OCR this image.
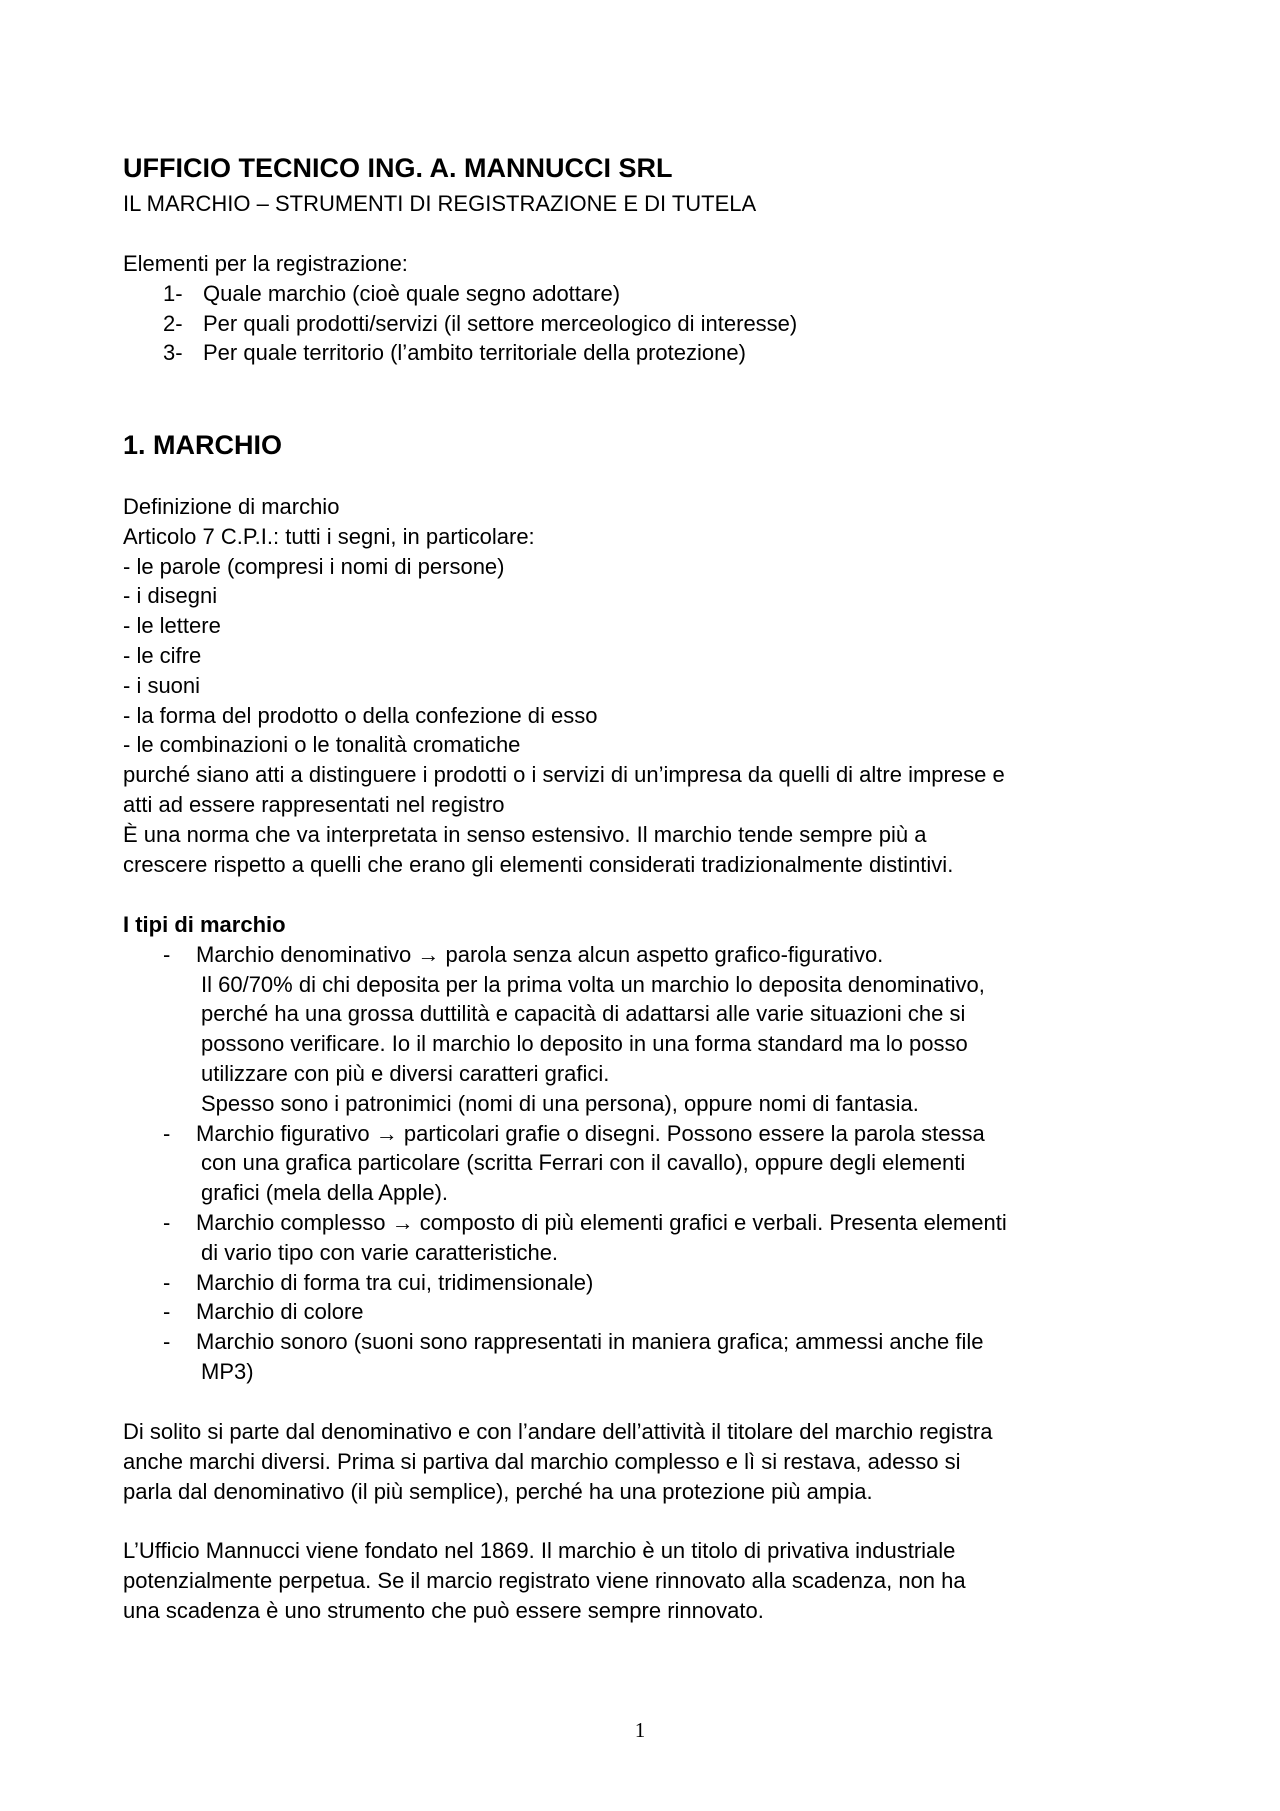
UFFICIO TECNICO ING. A. MANNUCCI SRL
IL MARCHIO – STRUMENTI DI REGISTRAZIONE E DI TUTELA
Elementi per la registrazione:
1- Quale marchio (cioè quale segno adottare)
2- Per quali prodotti/servizi (il settore merceologico di interesse)
3- Per quale territorio (l’ambito territoriale della protezione)
1. MARCHIO
Definizione di marchio
Articolo 7 C.P.I.: tutti i segni, in particolare:
- le parole (compresi i nomi di persone)
- i disegni
- le lettere
- le cifre
- i suoni
- la forma del prodotto o della confezione di esso
- le combinazioni o le tonalità cromatiche
purché siano atti a distinguere i prodotti o i servizi di un’impresa da quelli di altre imprese e
atti ad essere rappresentati nel registro
È una norma che va interpretata in senso estensivo. Il marchio tende sempre più a
crescere rispetto a quelli che erano gli elementi considerati tradizionalmente distintivi.
I tipi di marchio
- Marchio denominativo → parola senza alcun aspetto grafico-figurativo.
Il 60/70% di chi deposita per la prima volta un marchio lo deposita denominativo,
perché ha una grossa duttilità e capacità di adattarsi alle varie situazioni che si
possono verificare. Io il marchio lo deposito in una forma standard ma lo posso
utilizzare con più e diversi caratteri grafici.
Spesso sono i patronimici (nomi di una persona), oppure nomi di fantasia.
- Marchio figurativo → particolari grafie o disegni. Possono essere la parola stessa
con una grafica particolare (scritta Ferrari con il cavallo), oppure degli elementi
grafici (mela della Apple).
- Marchio complesso → composto di più elementi grafici e verbali. Presenta elementi
di vario tipo con varie caratteristiche.
- Marchio di forma tra cui, tridimensionale)
- Marchio di colore
- Marchio sonoro (suoni sono rappresentati in maniera grafica; ammessi anche file
MP3)
Di solito si parte dal denominativo e con l’andare dell’attività il titolare del marchio registra
anche marchi diversi. Prima si partiva dal marchio complesso e lì si restava, adesso si
parla dal denominativo (il più semplice), perché ha una protezione più ampia.
L’Ufficio Mannucci viene fondato nel 1869. Il marchio è un titolo di privativa industriale
potenzialmente perpetua. Se il marcio registrato viene rinnovato alla scadenza, non ha
una scadenza è uno strumento che può essere sempre rinnovato.
1
